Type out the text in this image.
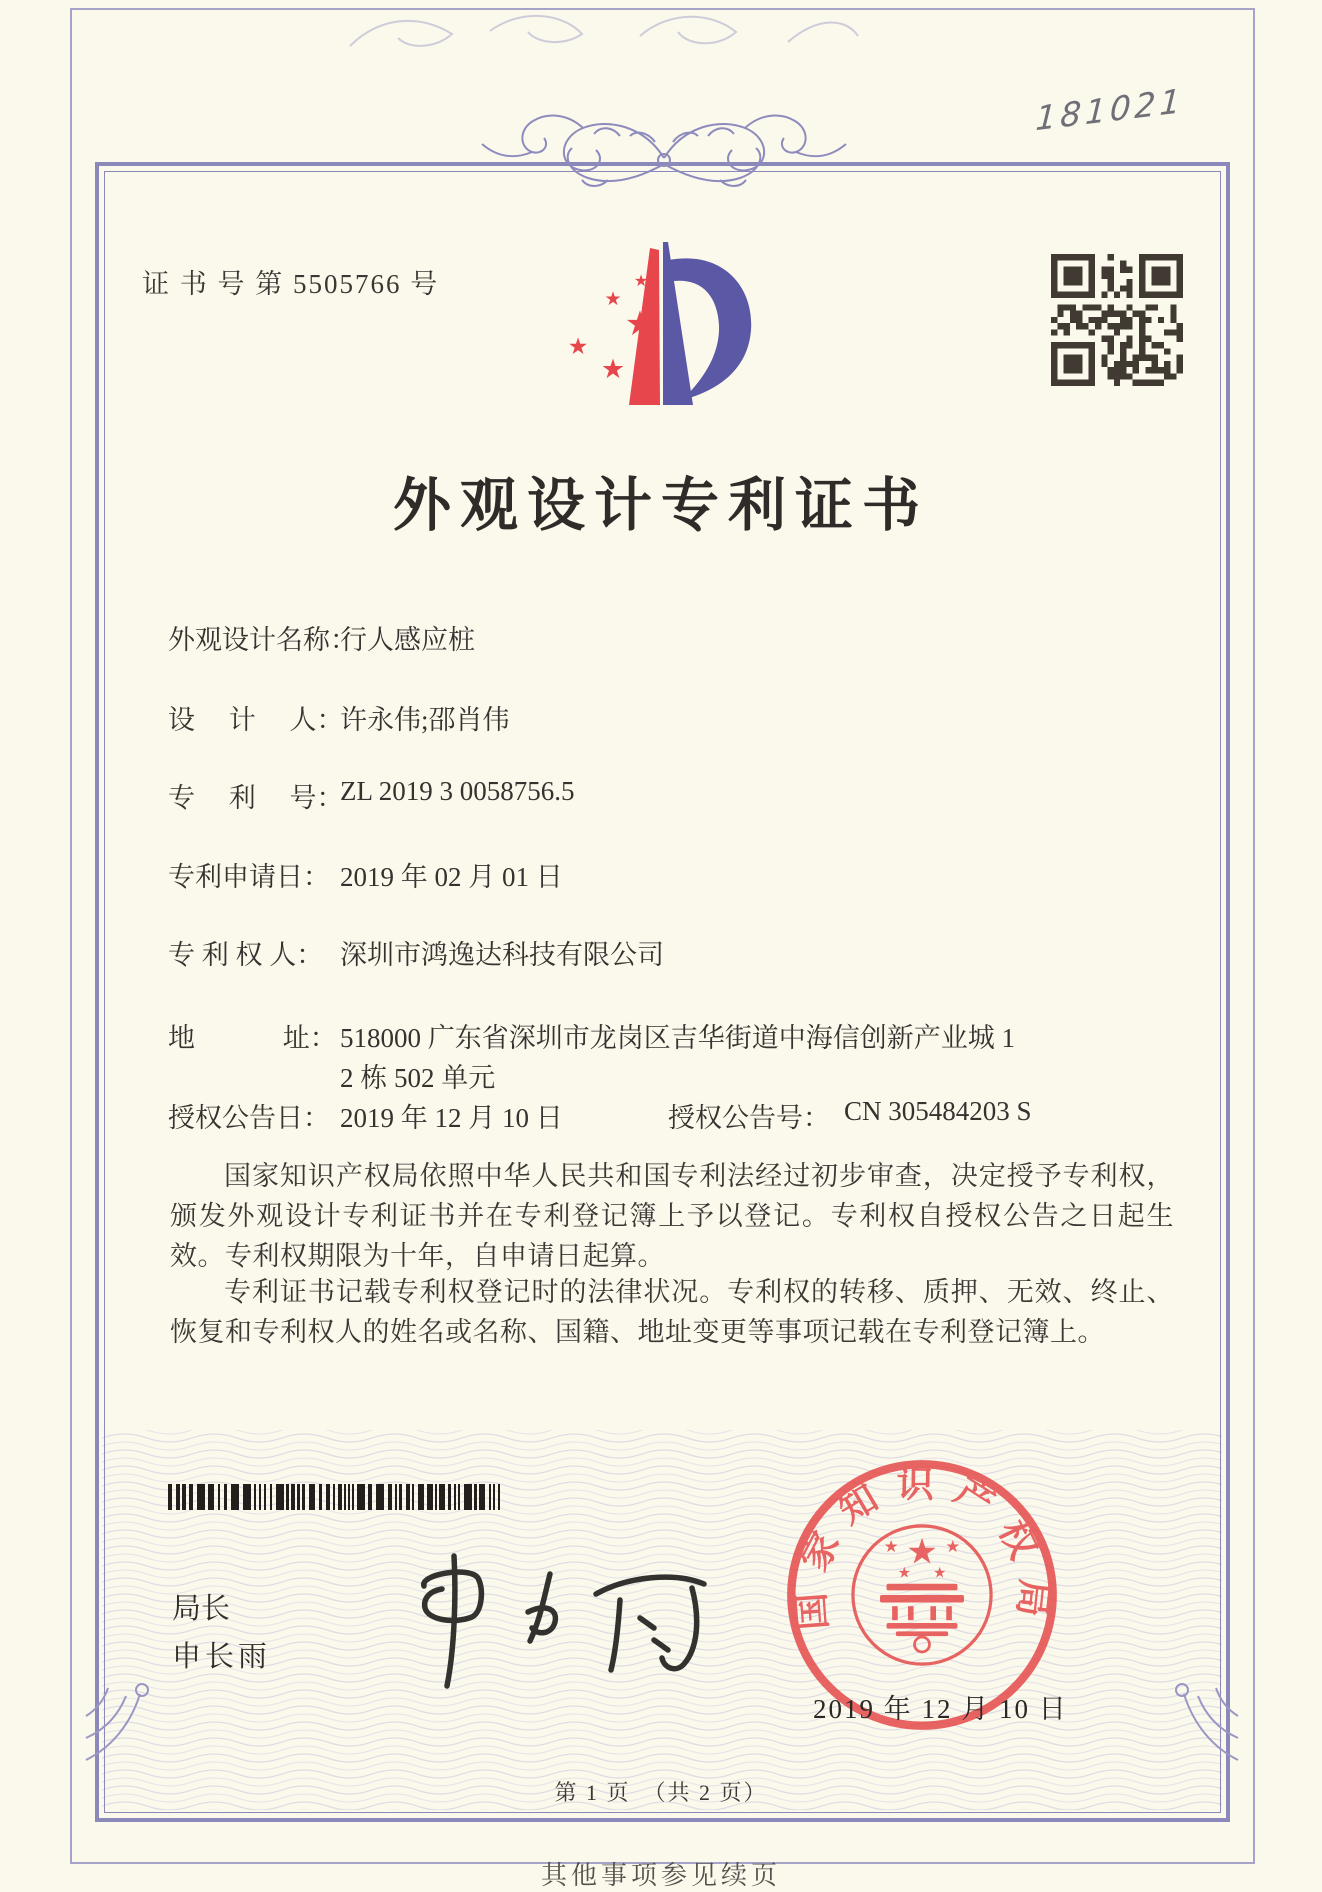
181021
证 书 号 第 5505766 号	★
★
★
★
★
外观设计专利证书
外观设计名称：
行人感应桩
设　 计　 人：
许永伟;邵肖伟
专　 利　 号：
ZL 2019 3 0058756.5
专利申请日： 2019 年 02 月 01 日
专 利 权 人： 深圳市鸿逸达科技有限公司
地　　　 址： 518000 广东省深圳市龙岗区吉华街道中海信创新产业城 1
2 栋 502 单元
授权公告日： 2019 年 12 月 10 日	授权公告号： CN 305484203 S
国家知识产权局依照中华人民共和国专利法经过初步审查，决定授予专利权，颁发外观设计专利证书并在专利登记簿上予以登记。专利权自授权公告之日起生效。专利权期限为十年，自申请日起算。
专利证书记载专利权登记时的法律状况。专利权的转移、质押、无效、终止、恢复和专利权人的姓名或名称、国籍、地址变更等事项记载在专利登记簿上。
局长
申长雨
国家知识产权局
★
★	★
★ ★
2019 年 12 月 10 日
第 1 页　（共 2 页）
其他事项参见续页
